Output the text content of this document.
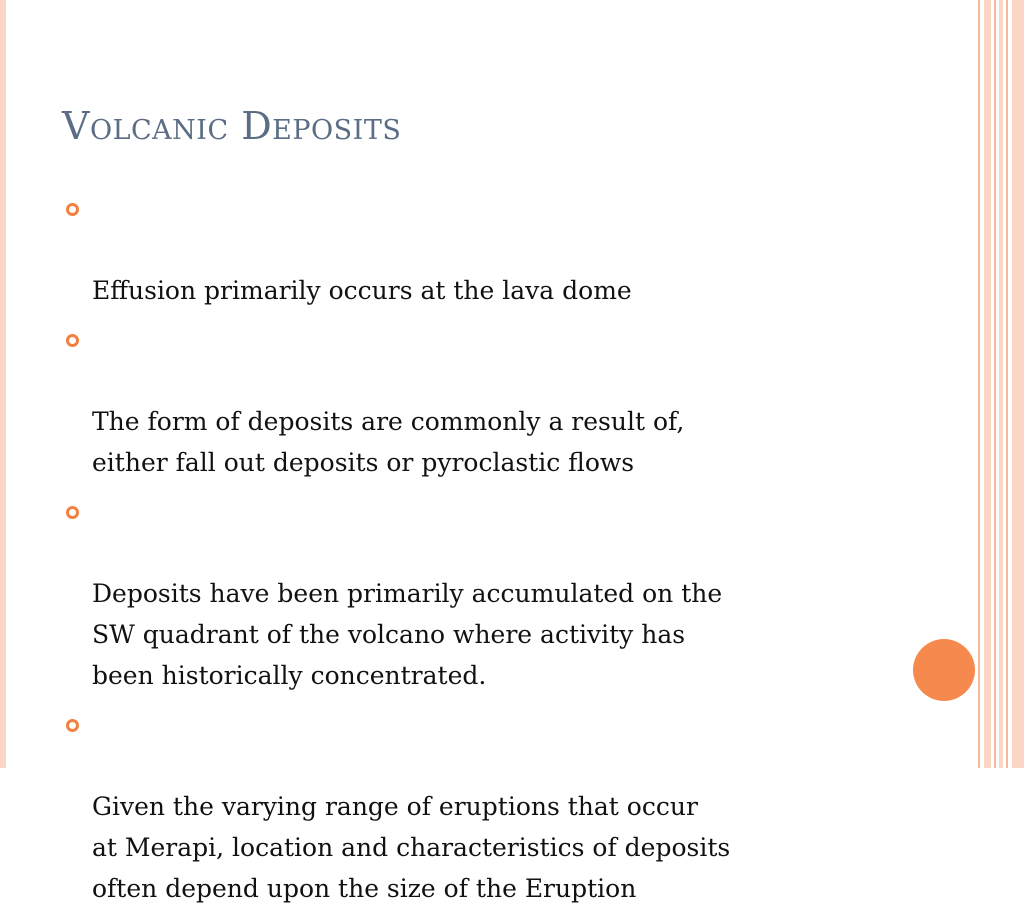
Volcanic Deposits

Effusion primarily occurs at the lava dome

The form of deposits are commonly a result of,
either fall out deposits or pyroclastic flows

Deposits have been primarily accumulated on the
SW quadrant of the volcano where activity has
been historically concentrated.

Given the varying range of eruptions that occur
at Merapi, location and characteristics of deposits
often depend upon the size of the Eruption
